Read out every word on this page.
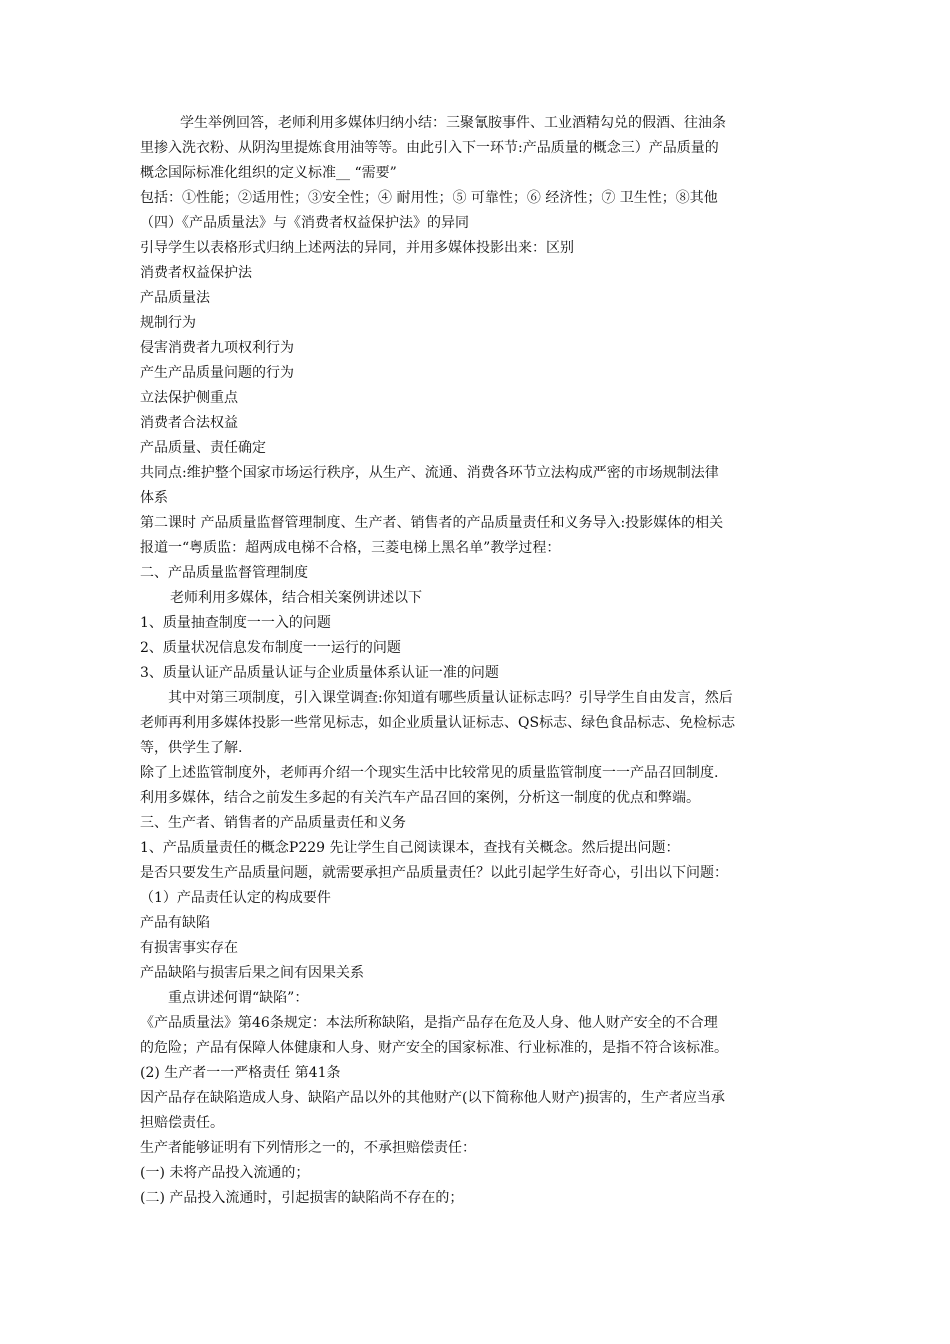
学生举例回答，老师利用多媒体归纳小结：三聚氰胺事件、工业酒精勾兑的假酒、往油条
里掺入洗衣粉、从阴沟里提炼食用油等等。由此引入下一环节:产品质量的概念三）产品质量的
概念国际标准化组织的定义标准__ “需要”
包括：①性能；②适用性；③安全性；④ 耐用性；⑤ 可靠性；⑥ 经济性；⑦ 卫生性；⑧其他
（四）《产品质量法》与《消费者权益保护法》的异同
引导学生以表格形式归纳上述两法的异同，并用多媒体投影出来：区别
消费者权益保护法
产品质量法
规制行为
侵害消费者九项权利行为
产生产品质量问题的行为
立法保护侧重点
消费者合法权益
产品质量、责任确定
共同点:维护整个国家市场运行秩序，从生产、流通、消费各环节立法构成严密的市场规制法律
体系
第二课时 产品质量监督管理制度、生产者、销售者的产品质量责任和义务导入:投影媒体的相关
报道一“粤质监：超两成电梯不合格，三菱电梯上黑名单”教学过程：
二、产品质量监督管理制度
老师利用多媒体，结合相关案例讲述以下
1、质量抽查制度一一入的问题
2、质量状况信息发布制度一一运行的问题
3、质量认证产品质量认证与企业质量体系认证一准的问题
其中对第三项制度，引入课堂调查:你知道有哪些质量认证标志吗？引导学生自由发言，然后
老师再利用多媒体投影一些常见标志，如企业质量认证标志、QS标志、绿色食品标志、免检标志
等，供学生了解.
除了上述监管制度外，老师再介绍一个现实生活中比较常见的质量监管制度一一产品召回制度.
利用多媒体，结合之前发生多起的有关汽车产品召回的案例，分析这一制度的优点和弊端。
三、生产者、销售者的产品质量责任和义务
1、产品质量责任的概念P229 先让学生自己阅读课本，查找有关概念。然后提出问题：
是否只要发生产品质量问题，就需要承担产品质量责任？以此引起学生好奇心，引出以下问题：
（1）产品责任认定的构成要件
产品有缺陷
有损害事实存在
产品缺陷与损害后果之间有因果关系
重点讲述何谓“缺陷”：
《产品质量法》第46条规定：本法所称缺陷，是指产品存在危及人身、他人财产安全的不合理
的危险；产品有保障人体健康和人身、财产安全的国家标准、行业标准的，是指不符合该标准。
(2) 生产者一一严格责任 第41条
因产品存在缺陷造成人身、缺陷产品以外的其他财产(以下简称他人财产)损害的，生产者应当承
担赔偿责任。
生产者能够证明有下列情形之一的，不承担赔偿责任：
(一) 未将产品投入流通的；
(二) 产品投入流通时，引起损害的缺陷尚不存在的；
